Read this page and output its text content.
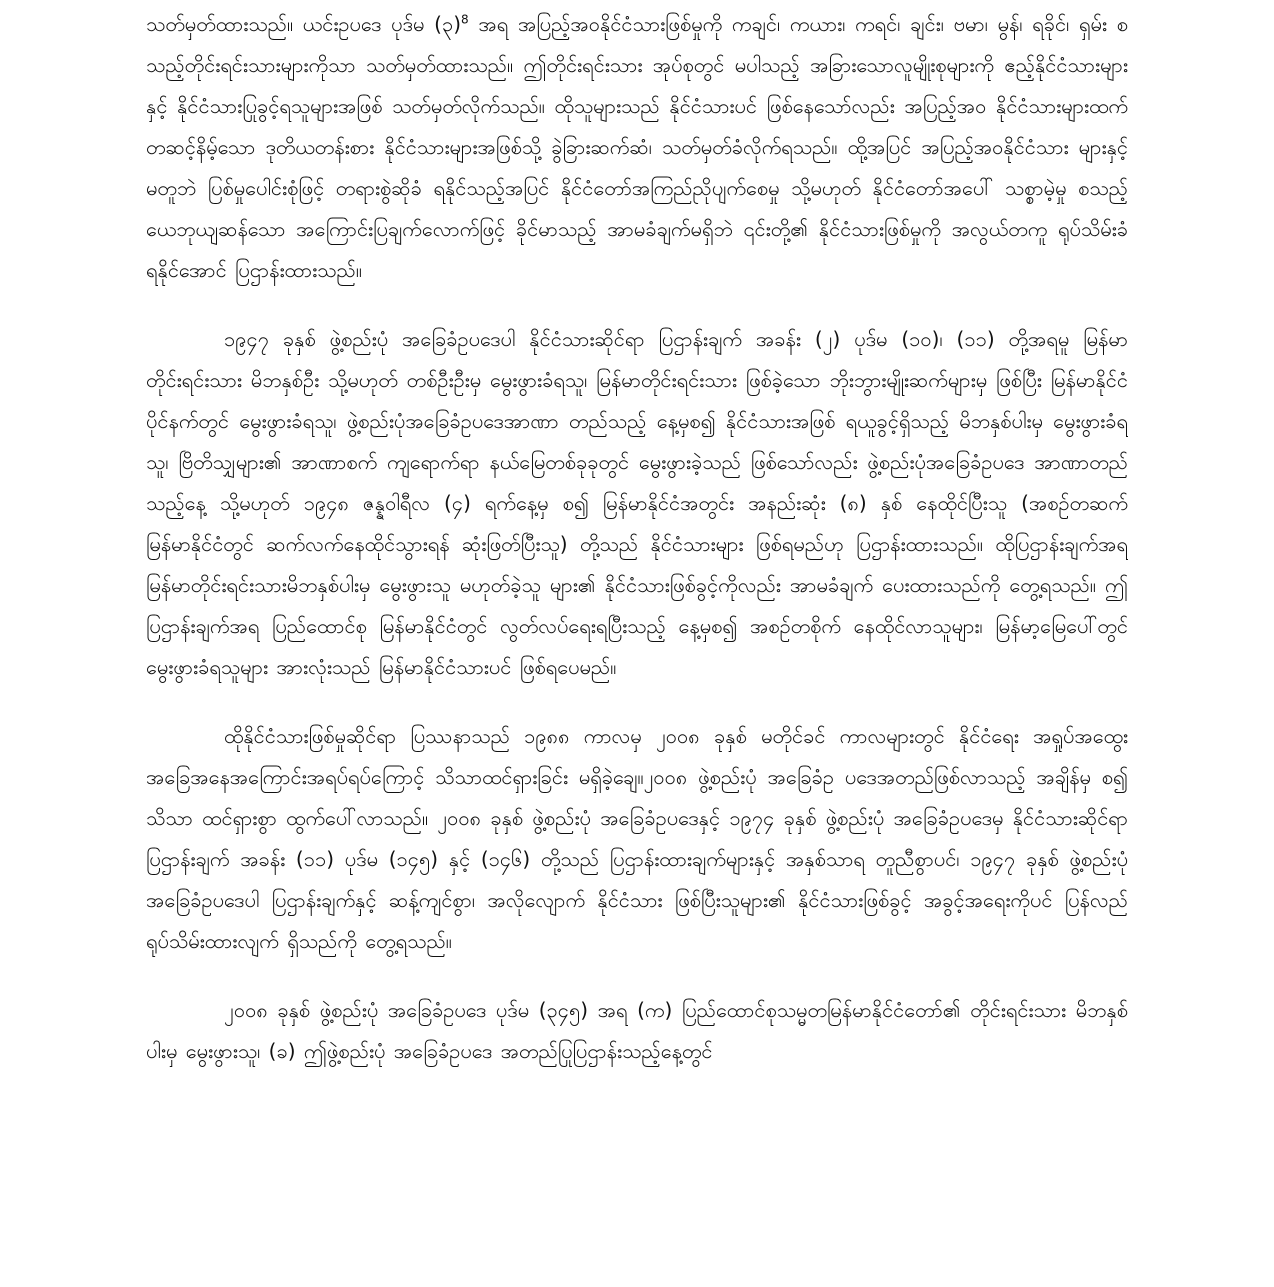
သတ်မှတ်ထားသည်။ ယင်းဥပဒေ ပုဒ်မ (၃)$^8$ အရ အပြည့်အဝနိုင်ငံသားဖြစ်မှုကို ကချင်၊ ကယား၊ ကရင်၊ ချင်း၊ ဗမာ၊ မွန်၊ ရခိုင်၊ ရှမ်း စသည့်တိုင်းရင်းသားများကိုသာ သတ်မှတ်ထားသည်။ ဤတိုင်းရင်းသား အုပ်စုတွင် မပါသည့် အခြားသောလူမျိုးစုများကို ဧည့်နိုင်ငံသားများနှင့် နိုင်ငံသားပြုခွင့်ရသူများအဖြစ် သတ်မှတ်လိုက်သည်။ ထိုသူများသည် နိုင်ငံသားပင် ဖြစ်နေသော်လည်း အပြည့်အဝ နိုင်ငံသားများထက် တဆင့်နိမ့်သော ဒုတိယတန်းစား နိုင်ငံသားများအဖြစ်သို့ ခွဲခြားဆက်ဆံ၊ သတ်မှတ်ခံလိုက်ရသည်။ ထို့အပြင် အပြည့်အဝနိုင်ငံသား များနှင့် မတူဘဲ ပြစ်မှုပေါင်းစုံဖြင့် တရားစွဲဆိုခံ ရနိုင်သည့်အပြင် နိုင်ငံတော်အကြည်ညိုပျက်စေမှု သို့မဟုတ် နိုင်ငံတော်အပေါ် သစ္စာမဲ့မှု စသည့် ယေဘုယျဆန်သော အကြောင်းပြချက်လောက်ဖြင့် ခိုင်မာသည့် အာမခံချက်မရှိဘဲ ၎င်းတို့၏ နိုင်ငံသားဖြစ်မှုကို အလွယ်တကူ ရုပ်သိမ်းခံ ရနိုင်အောင် ပြဌာန်းထားသည်။

၁၉၄၇ ခုနှစ် ဖွဲ့စည်းပုံ အခြေခံဥပဒေပါ နိုင်ငံသားဆိုင်ရာ ပြဌာန်းချက် အခန်း (၂) ပုဒ်မ (၁၀)၊ (၁၁) တို့အရမူ မြန်မာတိုင်းရင်းသား မိဘနှစ်ဦး သို့မဟုတ် တစ်ဦးဦးမှ မွေးဖွားခံရသူ၊ မြန်မာတိုင်းရင်းသား ဖြစ်ခဲ့သော ဘိုးဘွားမျိုးဆက်များမှ ဖြစ်ပြီး မြန်မာနိုင်ငံပိုင်နက်တွင် မွေးဖွားခံရသူ၊ ဖွဲ့စည်းပုံအခြေခံဥပဒေအာဏာ တည်သည့် နေ့မှစ၍ နိုင်ငံသားအဖြစ် ရယူခွင့်ရှိသည့် မိဘနှစ်ပါးမှ မွေးဖွားခံရသူ၊ ဗြိတိသျှများ၏ အာဏာစက် ကျရောက်ရာ နယ်မြေတစ်ခုခုတွင် မွေးဖွားခဲ့သည် ဖြစ်သော်လည်း ဖွဲ့စည်းပုံအခြေခံဥပဒေ အာဏာတည်သည့်နေ့ သို့မဟုတ် ၁၉၄၈ ဇန္နဝါရီလ (၄) ရက်နေ့မှ စ၍ မြန်မာနိုင်ငံအတွင်း အနည်းဆုံး (၈) နှစ် နေထိုင်ပြီးသူ (အစဉ်တဆက် မြန်မာနိုင်ငံတွင် ဆက်လက်နေထိုင်သွားရန် ဆုံးဖြတ်ပြီးသူ) တို့သည် နိုင်ငံသားများ ဖြစ်ရမည်ဟု ပြဌာန်းထားသည်။ ထိုပြဌာန်းချက်အရ မြန်မာတိုင်းရင်းသားမိဘနှစ်ပါးမှ မွေးဖွားသူ မဟုတ်ခဲ့သူ များ၏ နိုင်ငံသားဖြစ်ခွင့်ကိုလည်း အာမခံချက် ပေးထားသည်ကို တွေ့ရသည်။ ဤပြဌာန်းချက်အရ ပြည်ထောင်စု မြန်မာနိုင်ငံတွင် လွတ်လပ်ရေးရပြီးသည့် နေ့မှစ၍ အစဉ်တစိုက် နေထိုင်လာသူများ၊ မြန်မာ့မြေပေါ်တွင် မွေးဖွားခံရသူများ အားလုံးသည် မြန်မာနိုင်ငံသားပင် ဖြစ်ရပေမည်။

ထိုနိုင်ငံသားဖြစ်မှုဆိုင်ရာ ပြဿနာသည် ၁၉၈၈ ကာလမှ ၂၀၀၈ ခုနှစ် မတိုင်ခင် ကာလများတွင် နိုင်ငံရေး အရှုပ်အထွေး အခြေအနေအကြောင်းအရပ်ရပ်ကြောင့် သိသာထင်ရှားခြင်း မရှိခဲ့ချေ။၂၀၀၈ ဖွဲ့စည်းပုံ အခြေခံဥ ပဒေအတည်ဖြစ်လာသည့် အချိန်မှ စ၍ သိသာ ထင်ရှားစွာ ထွက်ပေါ်လာသည်။ ၂၀၀၈ ခုနှစ် ဖွဲ့စည်းပုံ အခြေခံဥပဒေနှင့် ၁၉၇၄ ခုနှစ် ဖွဲ့စည်းပုံ အခြေခံဥပဒေမှ နိုင်ငံသားဆိုင်ရာ ပြဌာန်းချက် အခန်း (၁၁) ပုဒ်မ (၁၄၅) နှင့် (၁၄၆) တို့သည် ပြဌာန်းထားချက်များနှင့် အနှစ်သာရ တူညီစွာပင်၊ ၁၉၄၇ ခုနှစ် ဖွဲ့စည်းပုံ အခြေခံဥပဒေပါ ပြဌာန်းချက်နှင့် ဆန့်ကျင်စွာ၊ အလိုလျောက် နိုင်ငံသား ဖြစ်ပြီးသူများ၏ နိုင်ငံသားဖြစ်ခွင့် အခွင့်အရေးကိုပင် ပြန်လည် ရုပ်သိမ်းထားလျက် ရှိသည်ကို တွေ့ရသည်။

၂၀၀၈ ခုနှစ် ဖွဲ့စည်းပုံ အခြေခံဥပဒေ ပုဒ်မ (၃၄၅) အရ (က) ပြည်ထောင်စုသမ္မတမြန်မာနိုင်ငံတော်၏ တိုင်းရင်းသား မိဘနှစ်ပါးမှ မွေးဖွားသူ၊ (ခ) ဤဖွဲ့စည်းပုံ အခြေခံဥပဒေ အတည်ပြုပြဌာန်းသည့်နေ့တွင်
